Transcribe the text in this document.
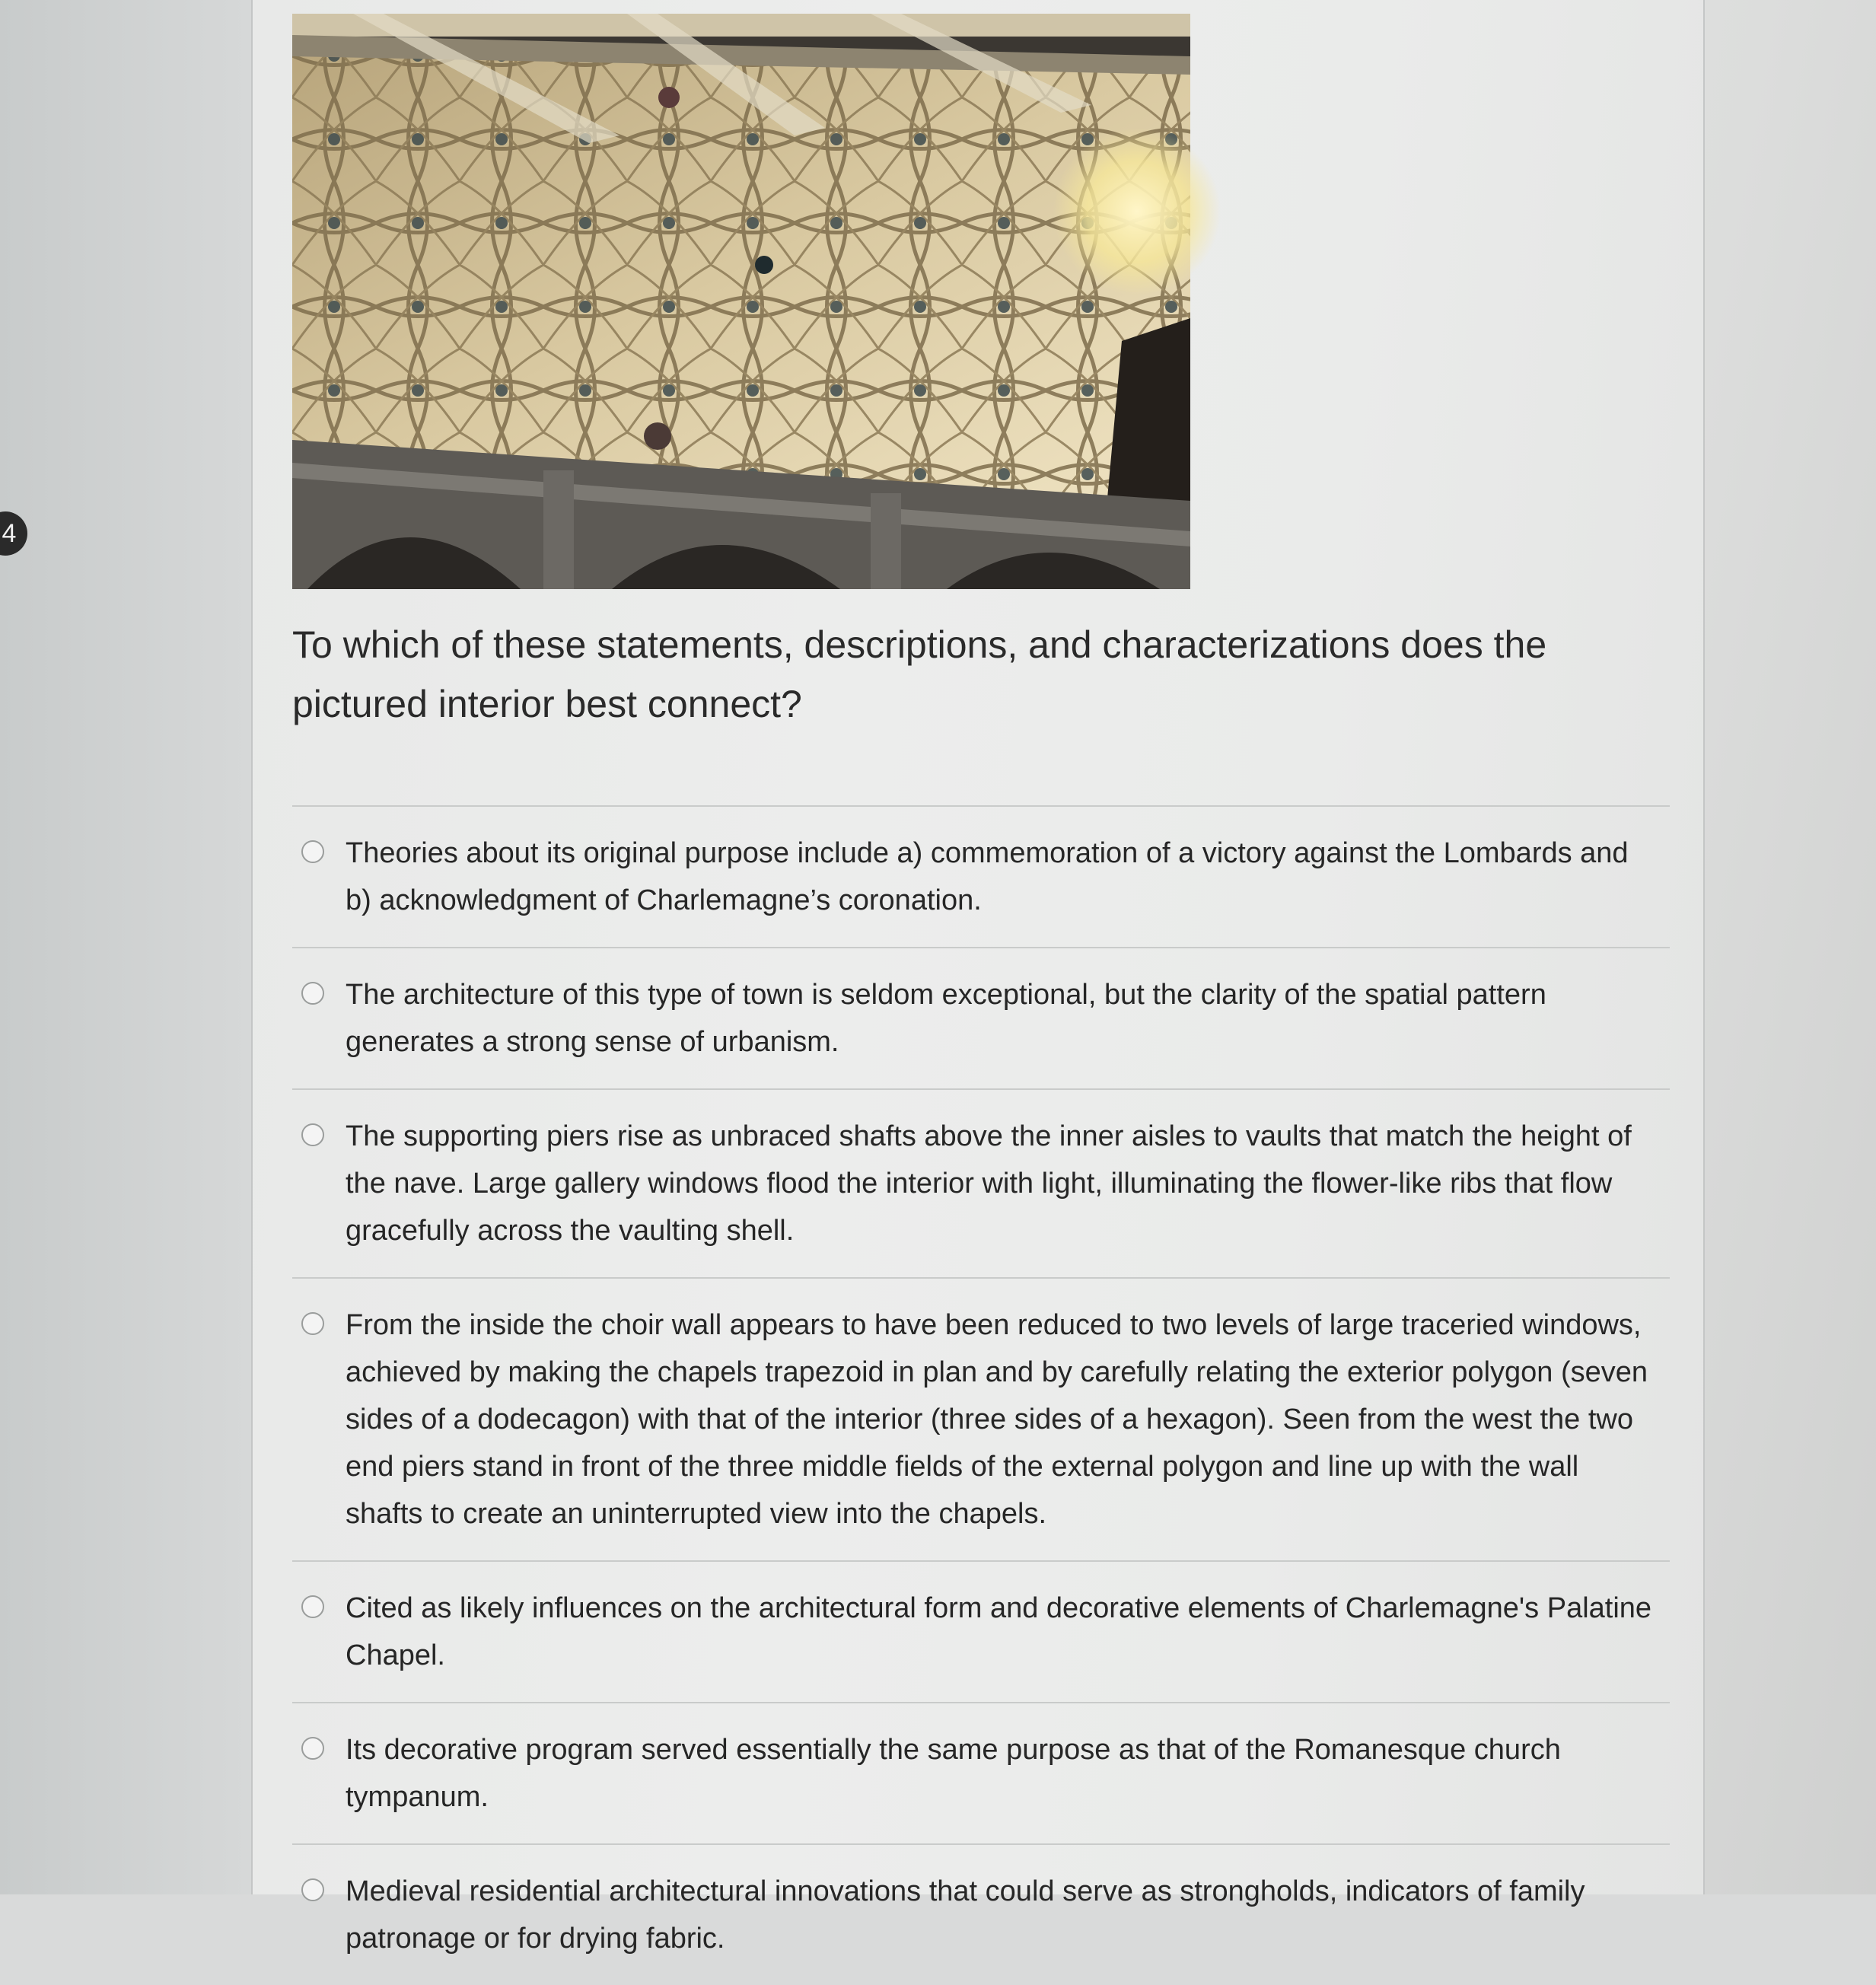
4
To which of these statements, descriptions, and characterizations does the pictured interior best connect?
Theories about its original purpose include a) commemoration of a victory against the Lombards and b) acknowledgment of Charlemagne’s coronation.
The architecture of this type of town is seldom exceptional, but the clarity of the spatial pattern generates a strong sense of urbanism.
The supporting piers rise as unbraced shafts above the inner aisles to vaults that match the height of the nave. Large gallery windows flood the interior with light, illuminating the flower-like ribs that flow gracefully across the vaulting shell.
From the inside the choir wall appears to have been reduced to two levels of large traceried windows, achieved by making the chapels trapezoid in plan and by carefully relating the exterior polygon (seven sides of a dodecagon) with that of the interior (three sides of a hexagon). Seen from the west the two end piers stand in front of the three middle fields of the external polygon and line up with the wall shafts to create an uninterrupted view into the chapels.
Cited as likely influences on the architectural form and decorative elements of Charlemagne's Palatine Chapel.
Its decorative program served essentially the same purpose as that of the Romanesque church tympanum.
Medieval residential architectural innovations that could serve as strongholds, indicators of family patronage or for drying fabric.
